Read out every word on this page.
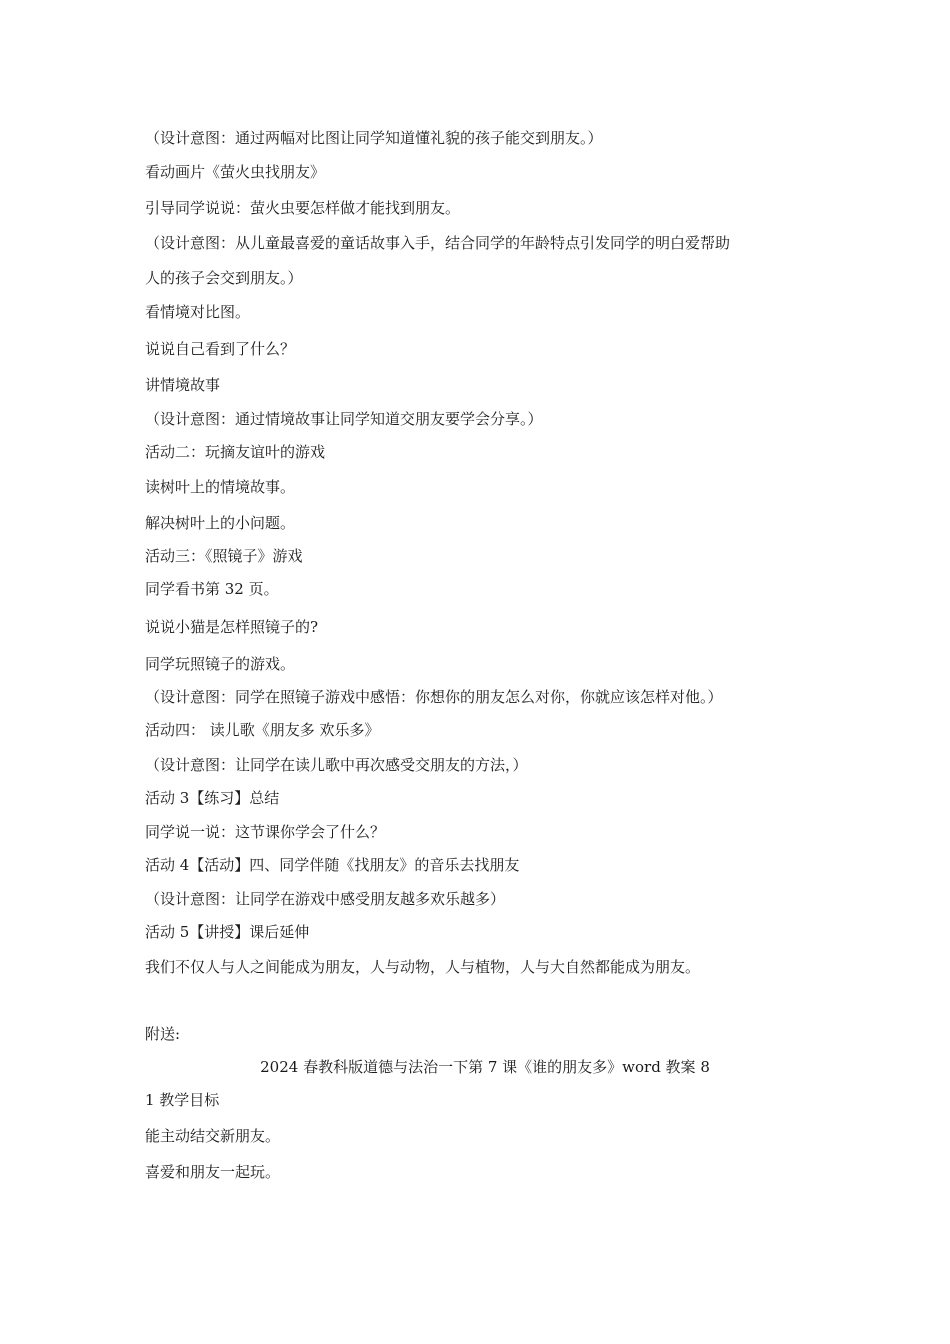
（设计意图：通过两幅对比图让同学知道懂礼貌的孩子能交到朋友。）
看动画片《萤火虫找朋友》
引导同学说说：萤火虫要怎样做才能找到朋友。
（设计意图：从儿童最喜爱的童话故事入手，结合同学的年龄特点引发同学的明白爱帮助
人的孩子会交到朋友。）
看情境对比图。
说说自己看到了什么？
讲情境故事
（设计意图：通过情境故事让同学知道交朋友要学会分享。）
活动二：玩摘友谊叶的游戏
读树叶上的情境故事。
解决树叶上的小问题。
活动三：《照镜子》游戏
同学看书第 32 页。
说说小猫是怎样照镜子的?
同学玩照镜子的游戏。
（设计意图：同学在照镜子游戏中感悟：你想你的朋友怎么对你，你就应该怎样对他。）
活动四： 读儿歌《朋友多 欢乐多》
（设计意图：让同学在读儿歌中再次感受交朋友的方法，）
活动 3【练习】总结
同学说一说：这节课你学会了什么？
活动 4【活动】四、同学伴随《找朋友》的音乐去找朋友
（设计意图：让同学在游戏中感受朋友越多欢乐越多）
活动 5【讲授】课后延伸
我们不仅人与人之间能成为朋友，人与动物，人与植物，人与大自然都能成为朋友。
附送:
2024 春教科版道德与法治一下第 7 课《谁的朋友多》word 教案 8
1 教学目标
能主动结交新朋友。
喜爱和朋友一起玩。
